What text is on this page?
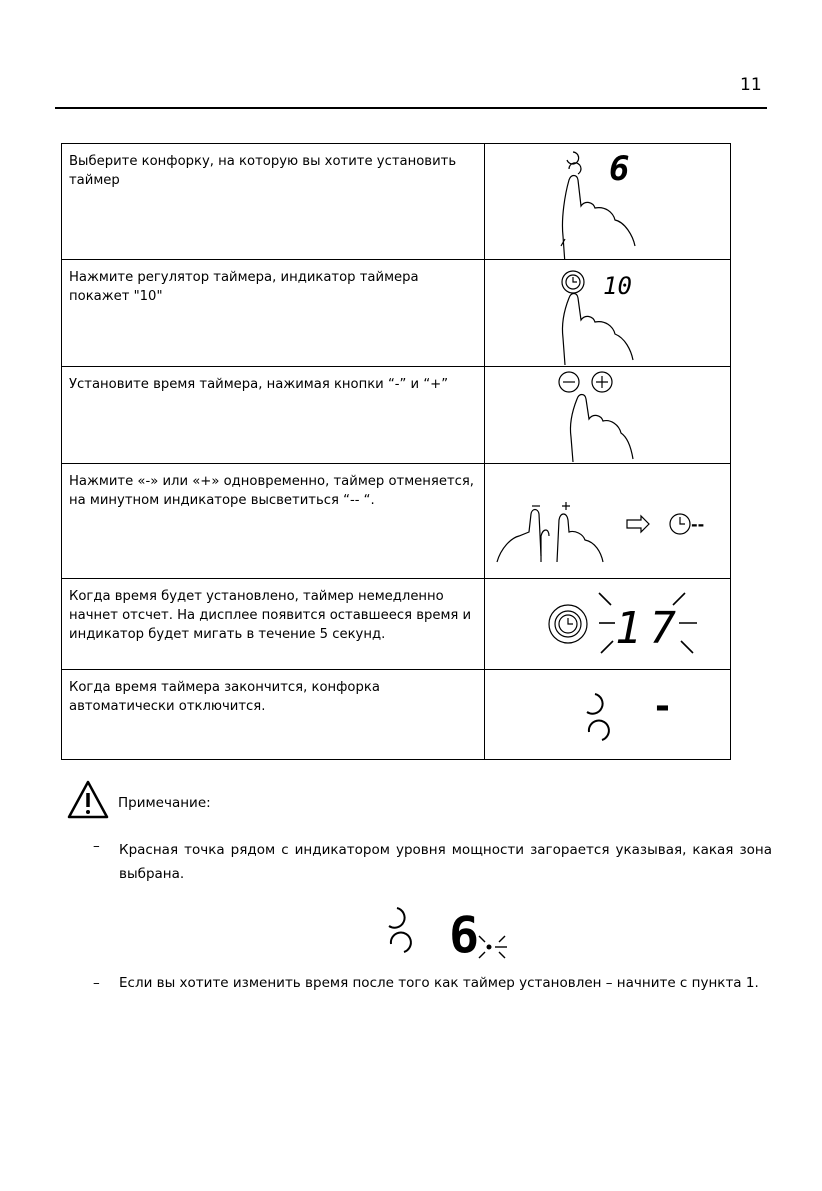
11
Выберите конфорку, на которую вы хотите установить таймер	6

Нажмите регулятор таймера, индикатор таймера покажет "10"	10

Установите время таймера, нажимая кнопки “-” и “+”	

Нажмите «-» или «+» одновременно, таймер отменяется, на минутном индикаторе высветиться “-- “.	--

Когда время будет установлено, таймер немедленно начнет отсчет. На дисплее появится оставшееся время и индикатор будет мигать в течение 5 секунд.	17

Когда время таймера закончится, конфорка автоматически отключится.	-
Примечание:
– Красная точка рядом с индикатором уровня мощности загорается указывая, какая зона выбрана.
6
– Если вы хотите изменить время после того как таймер установлен – начните с пункта 1.
